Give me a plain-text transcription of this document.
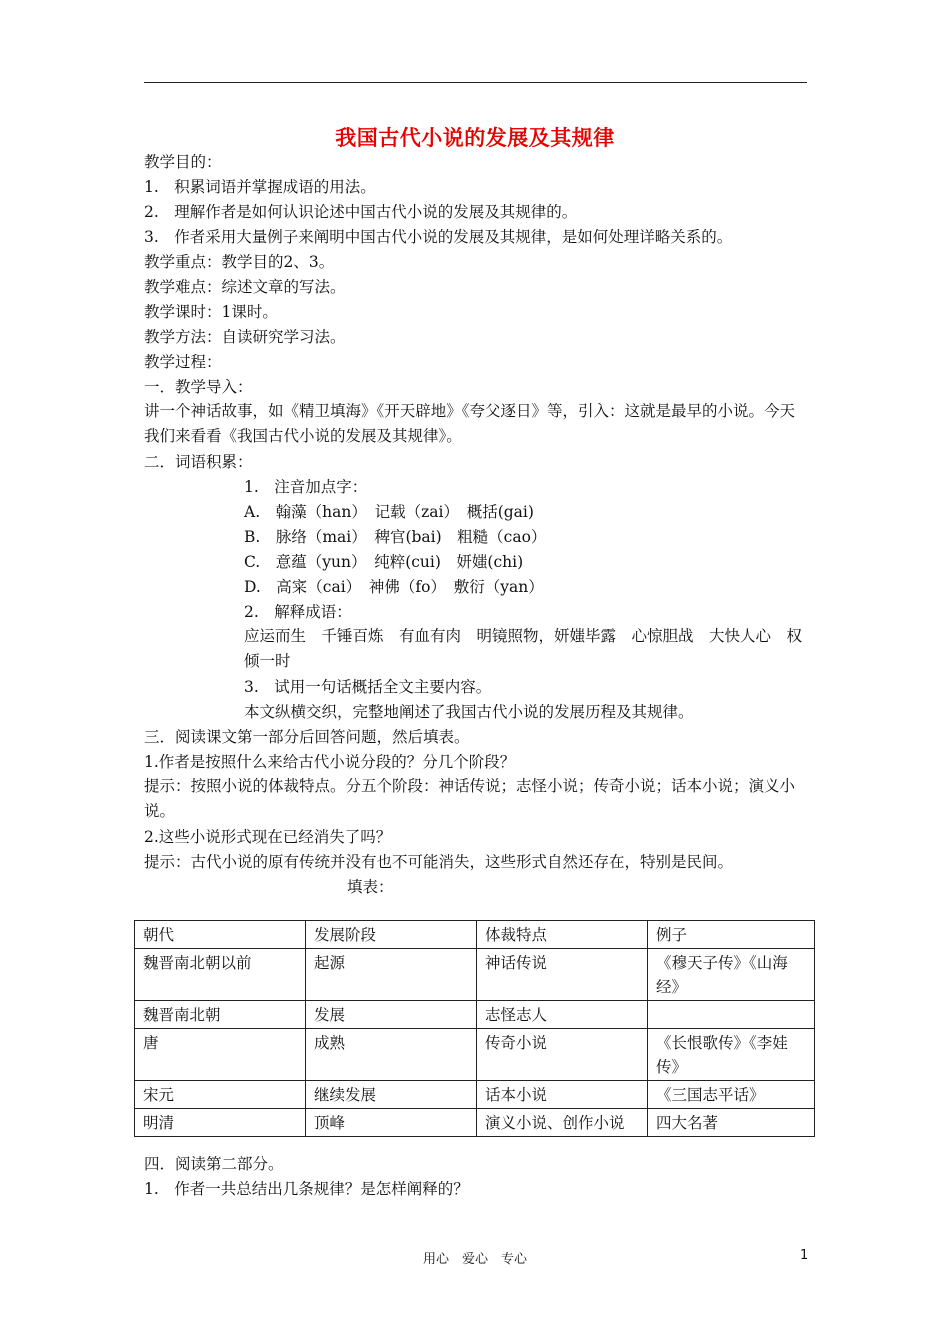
我国古代小说的发展及其规律
教学目的：
1.　积累词语并掌握成语的用法。
2.　理解作者是如何认识论述中国古代小说的发展及其规律的。
3.　作者采用大量例子来阐明中国古代小说的发展及其规律，是如何处理详略关系的。
教学重点：教学目的2、3。
教学难点：综述文章的写法。
教学课时：1课时。
教学方法：自读研究学习法。
教学过程：
一．教学导入：
讲一个神话故事，如《精卫填海》《开天辟地》《夸父逐日》等，引入：这就是最早的小说。今天我们来看看《我国古代小说的发展及其规律》。
二．词语积累：
1.　注音加点字：
A.　翰藻（han）　记载（zai）　概括(gai)
B.　脉络（mai）　稗官(bai)　粗糙（cao）
C.　意蕴（yun）　纯粹(cui)　妍媸(chi)
D.　高寀（cai）　神佛（fo）　敷衍（yan）
2.　解释成语：
应运而生　千锤百炼　有血有肉　明镜照物，妍媸毕露　心惊胆战　大快人心　权倾一时
3.　试用一句话概括全文主要内容。
本文纵横交织，完整地阐述了我国古代小说的发展历程及其规律。
三．阅读课文第一部分后回答问题，然后填表。
1.作者是按照什么来给古代小说分段的？分几个阶段？
提示：按照小说的体裁特点。分五个阶段：神话传说；志怪小说；传奇小说；话本小说；演义小说。
2.这些小说形式现在已经消失了吗？
提示：古代小说的原有传统并没有也不可能消失，这些形式自然还存在，特别是民间。
填表：
朝代	发展阶段	体裁特点	例子
魏晋南北朝以前	起源	神话传说	《穆天子传》《山海经》
魏晋南北朝	发展	志怪志人	
唐	成熟	传奇小说	《长恨歌传》《李娃传》
宋元	继续发展	话本小说	《三国志平话》
明清	顶峰	演义小说、创作小说	四大名著
四．阅读第二部分。
1.　作者一共总结出几条规律？是怎样阐释的？
用心　爱心　专心	1
